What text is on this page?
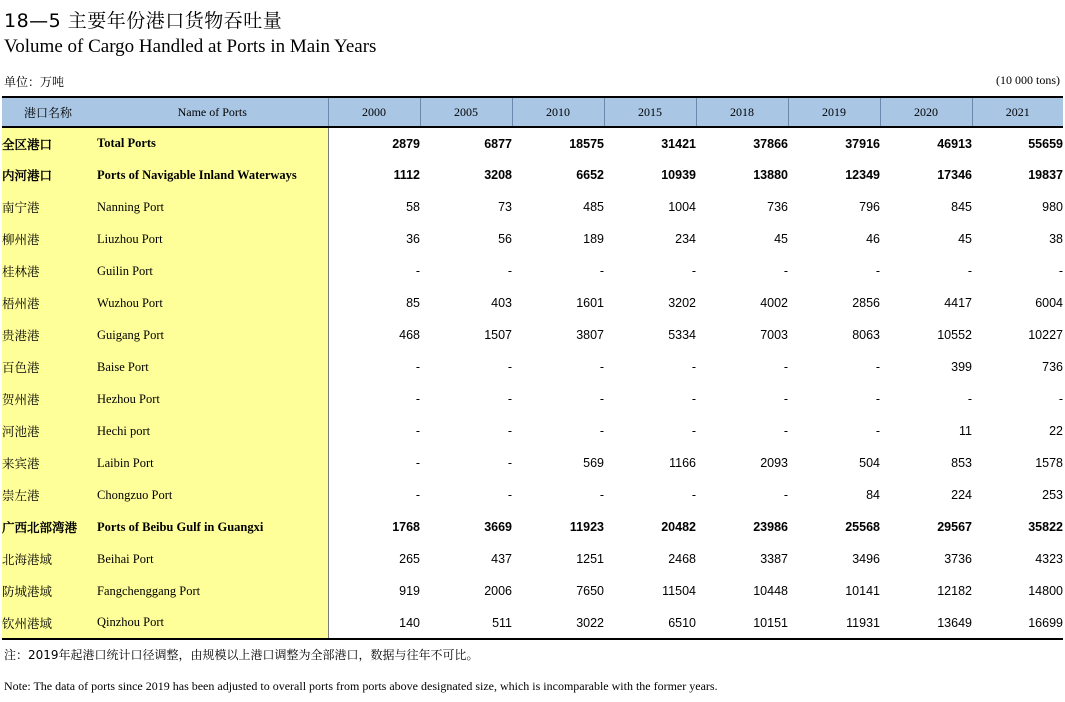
18—5 主要年份港口货物吞吐量
Volume of Cargo Handled at Ports in Main Years
单位：万吨	(10 000 tons)
港口名称	Name of Ports	2000	2005	2010	2015	2018	2019	2020	2021
全区港口	Total Ports	2879	6877	18575	31421	37866	37916	46913	55659
内河港口	Ports of Navigable Inland Waterways	1112	3208	6652	10939	13880	12349	17346	19837
南宁港	Nanning Port	58	73	485	1004	736	796	845	980
柳州港	Liuzhou Port	36	56	189	234	45	46	45	38
桂林港	Guilin Port	-	-	-	-	-	-	-	-
梧州港	Wuzhou Port	85	403	1601	3202	4002	2856	4417	6004
贵港港	Guigang Port	468	1507	3807	5334	7003	8063	10552	10227
百色港	Baise Port	-	-	-	-	-	-	399	736
贺州港	Hezhou Port	-	-	-	-	-	-	-	-
河池港	Hechi port	-	-	-	-	-	-	11	22
来宾港	Laibin Port	-	-	569	1166	2093	504	853	1578
崇左港	Chongzuo Port	-	-	-	-	-	84	224	253
广西北部湾港	Ports of Beibu Gulf in Guangxi	1768	3669	11923	20482	23986	25568	29567	35822
北海港域	Beihai Port	265	437	1251	2468	3387	3496	3736	4323
防城港域	Fangchenggang Port	919	2006	7650	11504	10448	10141	12182	14800
钦州港域	Qinzhou Port	140	511	3022	6510	10151	11931	13649	16699
注：2019年起港口统计口径调整，由规模以上港口调整为全部港口，数据与往年不可比。
Note: The data of ports since 2019 has been adjusted to overall ports from ports above designated size, which is incomparable with the former years.
